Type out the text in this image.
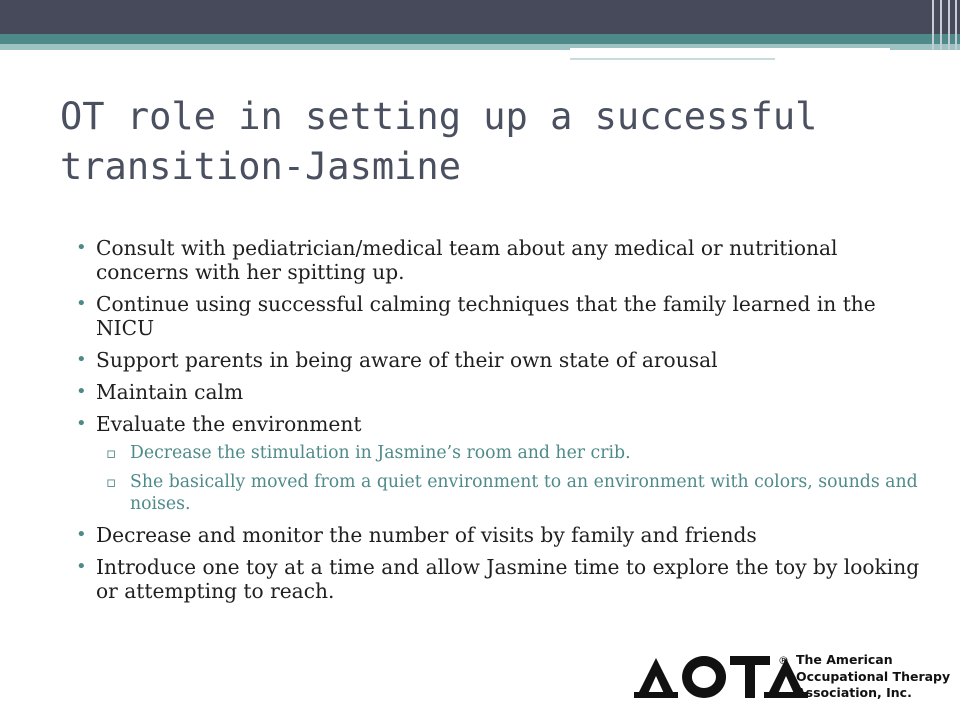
OT role in setting up a successful transition-Jasmine
• Consult with pediatrician/medical team about any medical or nutritional concerns with her spitting up.
• Continue using successful calming techniques that the family learned in the NICU
• Support parents in being aware of their own state of arousal
• Maintain calm
• Evaluate the environment
▫ Decrease the stimulation in Jasmine’s room and her crib.
▫ She basically moved from a quiet environment to an environment with colors, sounds and noises.
• Decrease and monitor the number of visits by family and friends
• Introduce one toy at a time and allow Jasmine time to explore the toy by looking or attempting to reach.
® The American
Occupational Therapy
Association, Inc.
